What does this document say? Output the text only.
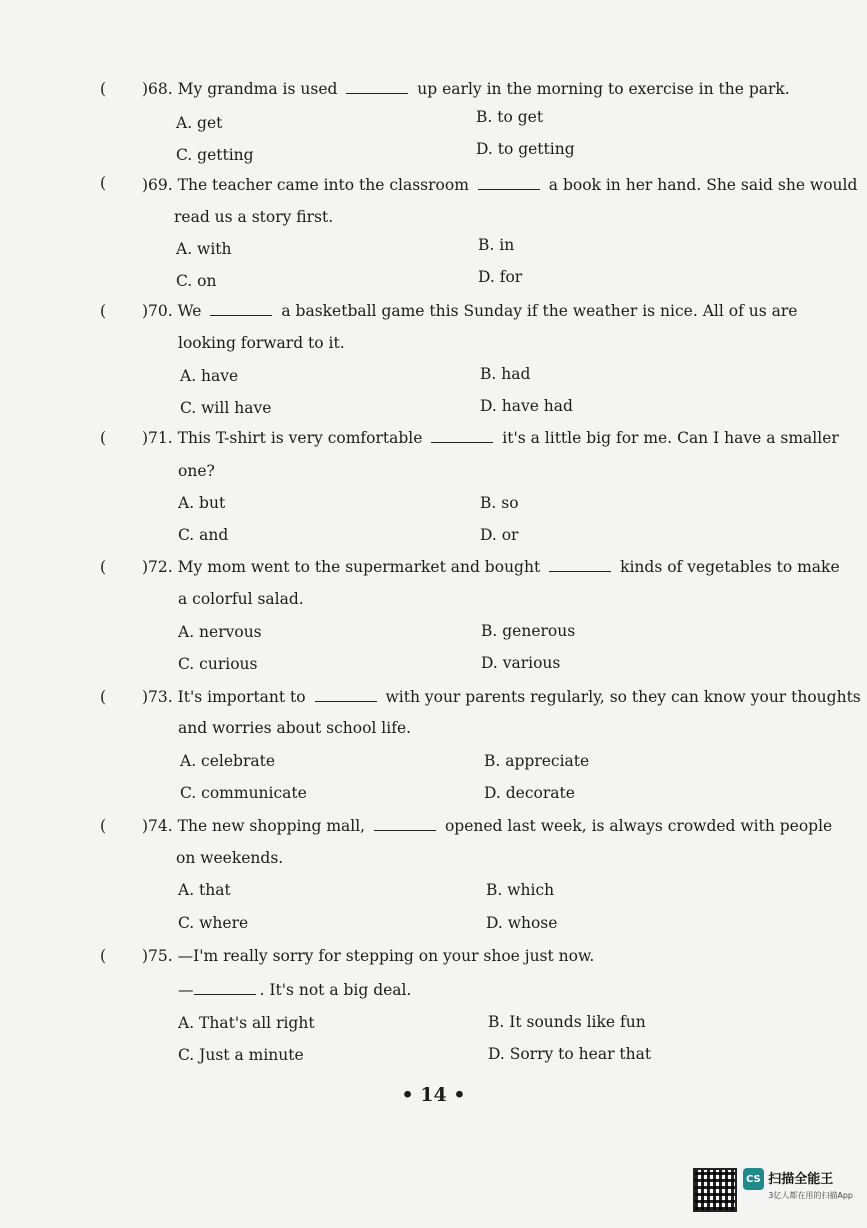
( )68. My grandma is used	up early in the morning to exercise in the park.
A. get	B. to get
C. getting	D. to getting
( )69. The teacher came into the classroom	a book in her hand. She said she would
read us a story first.
A. with	B. in
C. on	D. for
( )70. We	a basketball game this Sunday if the weather is nice. All of us are
looking forward to it.
A. have	B. had
C. will have	D. have had
( )71. This T-shirt is very comfortable	it's a little big for me. Can I have a smaller
one?
A. but	B. so
C. and	D. or
( )72. My mom went to the supermarket and bought	kinds of vegetables to make
a colorful salad.
A. nervous	B. generous
C. curious	D. various
( )73. It's important to	with your parents regularly, so they can know your thoughts
and worries about school life.
A. celebrate	B. appreciate
C. communicate	D. decorate
( )74. The new shopping mall,	opened last week, is always crowded with people
on weekends.
A. that	B. which
C. where	D. whose
( )75. —I'm really sorry for stepping on your shoe just now.
—	. It's not a big deal.
A. That's all right	B. It sounds like fun
C. Just a minute	D. Sorry to hear that
• 14 •
CS 扫描全能王
3亿人都在用的扫描App
